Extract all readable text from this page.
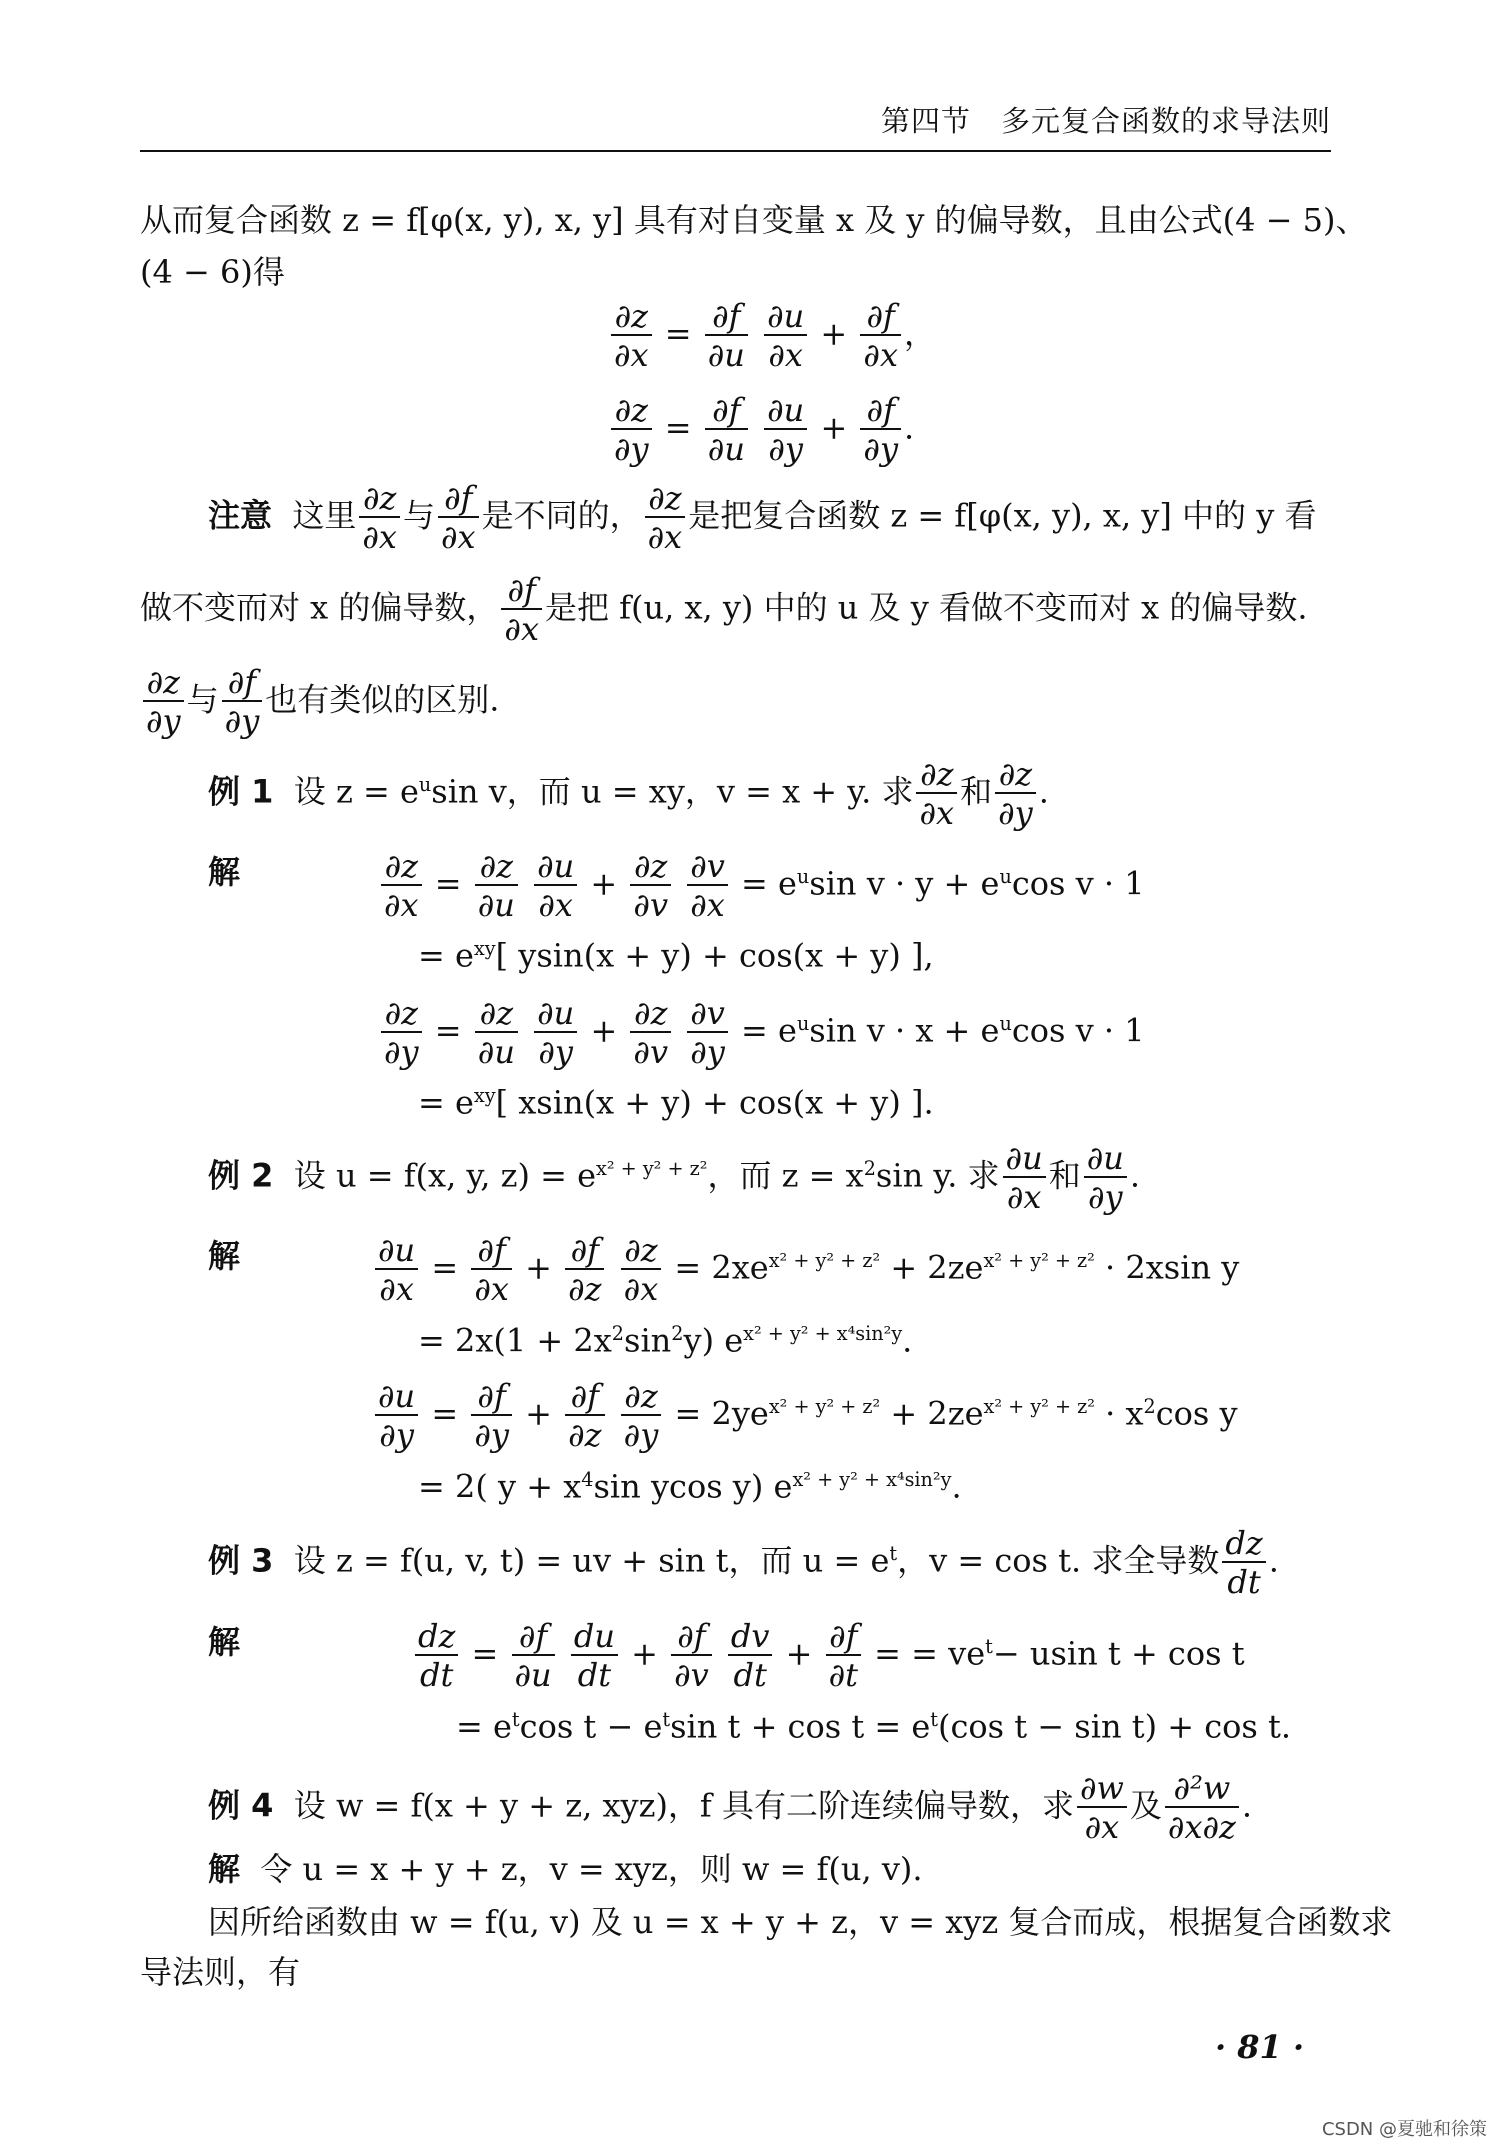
第四节　多元复合函数的求导法则
从而复合函数 z = f[φ(x, y), x, y] 具有对自变量 x 及 y 的偏导数，且由公式(4 − 5)、
(4 − 6)得
$\frac{\partial z}{\partial x} = \frac{\partial f}{\partial u}$
$\frac{\partial u}{\partial x} + \frac{\partial f}{\partial x}$ ，
$\frac{\partial z}{\partial y} = \frac{\partial f}{\partial u}$
$\frac{\partial u}{\partial y} + \frac{\partial f}{\partial y}$ .
注意 这里 $\frac{\partial z}{\partial x}$ 与 $\frac{\partial f}{\partial x}$ 是不同的， $\frac{\partial z}{\partial x}$ 是把复合函数 z = f[φ(x, y), x, y] 中的 y 看
做不变而对 x 的偏导数， $\frac{\partial f}{\partial x}$ 是把 f(u, x, y) 中的 u 及 y 看做不变而对 x 的偏导数.
$\frac{\partial z}{\partial y}$ 与 $\frac{\partial f}{\partial y}$ 也有类似的区别.
例 1 设 $z = e^u\sin$ v，而 u = xy，v = x + y. 求 $\frac{\partial z}{\partial x}$ 和 $\frac{\partial z}{\partial y}$ .
解	$\frac{\partial z}{\partial x} = \frac{\partial z}{\partial u}$
$\frac{\partial u}{\partial x} + \frac{\partial z}{\partial v}$
$\frac{\partial v}{\partial x} = e^u\sin$ $v \cdot y + e^u\cos$ v · 1
= $e^{xy}$[ ysin(x + y) + cos(x + y) ],
$\frac{\partial z}{\partial y} = \frac{\partial z}{\partial u}$
$\frac{\partial u}{\partial y} + \frac{\partial z}{\partial v}$
$\frac{\partial v}{\partial y} = e^u\sin$ $v \cdot x + e^u\cos$ v · 1
= $e^{xy}$[ xsin(x + y) + cos(x + y) ].
例 2 设 u = f(x, y, $z) = e^{x^2 + y^2 + z^2}$，而 $z = x^2\sin$ y. 求 $\frac{\partial u}{\partial x}$ 和 $\frac{\partial u}{\partial y}$ .
解	$\frac{\partial u}{\partial x} = \frac{\partial f}{\partial x} + \frac{\partial f}{\partial z}$
$\frac{\partial z}{\partial x} = 2xe^{x^2 + y^2 + z^2} + 2ze^{x^2 + y^2 + z^2} \cdot 2xsin$ y
= $2x(1 + 2x^2\sin^2y)$ $e^{x^2 + y^2 + x^4sin^2y}$.
$\frac{\partial u}{\partial y} = \frac{\partial f}{\partial y} + \frac{\partial f}{\partial z}$
$\frac{\partial z}{\partial y} = 2ye^{x^2 + y^2 + z^2} + 2ze^{x^2 + y^2 + z^2} \cdot x^2\cos$ y
= 2( $y + x^4\sin$ ycos y) $e^{x^2 + y^2 + x^4sin^2y}$.
例 3 设 z = f(u, v, t) = uv + sin t，而 $u = e^t$，v = cos t. 求全导数 $\frac{dz}{dt}$ .
解	$\frac{dz}{dt} = \frac{\partial f}{\partial u}$
$\frac{du}{dt} + \frac{\partial f}{\partial v}$
$\frac{dv}{dt} + \frac{\partial f}{\partial t}$ = = $ve^t- usin$ t + cos t
= $e^t\cos$ $t - e^t\sin$ $t + \cos t = e^t(\cos$ t − sin t) + cos t.
例 4 设 w = f(x + y + z, xyz)，f 具有二阶连续偏导数，求 $\frac{\partial w}{\partial x}$ 及 $\frac{\text{∂²w}}{\partial x\partial z}$ .
解 令 u = x + y + z，v = xyz，则 w = f(u, v).
因所给函数由 w = f(u, v) 及 u = x + y + z，v = xyz 复合而成，根据复合函数求
导法则，有
· 81 ·
CSDN @夏驰和徐策
